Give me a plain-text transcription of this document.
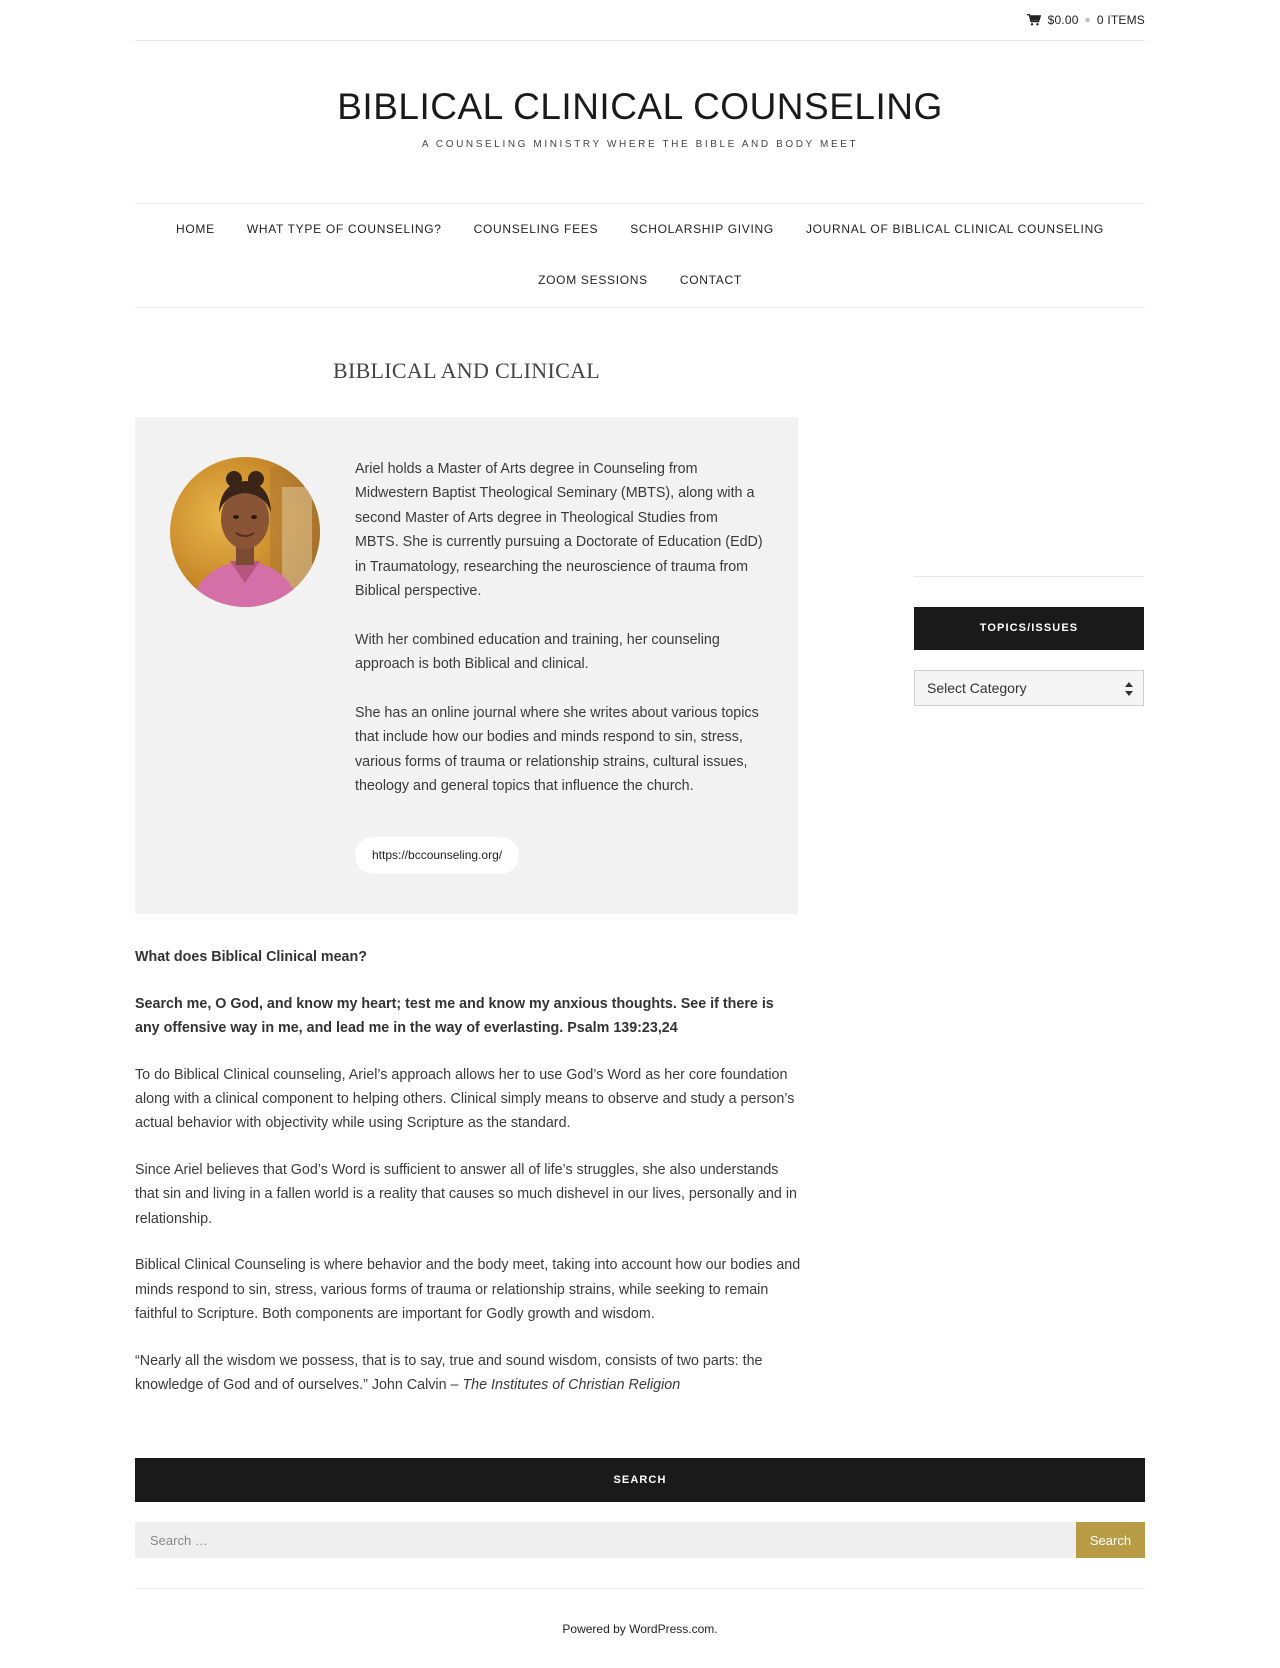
$0.00 ● 0 ITEMS
BIBLICAL CLINICAL COUNSELING
A COUNSELING MINISTRY WHERE THE BIBLE AND BODY MEET
HOME	WHAT TYPE OF COUNSELING?	COUNSELING FEES	SCHOLARSHIP GIVING	JOURNAL OF BIBLICAL CLINICAL COUNSELING
ZOOM SESSIONS	CONTACT
BIBLICAL AND CLINICAL

Ariel holds a Master of Arts degree in Counseling from Midwestern Baptist Theological Seminary (MBTS), along with a second Master of Arts degree in Theological Studies from MBTS. She is currently pursuing a Doctorate of Education (EdD) in Traumatology, researching the neuroscience of trauma from Biblical perspective.

With her combined education and training, her counseling approach is both Biblical and clinical.

She has an online journal where she writes about various topics that include how our bodies and minds respond to sin, stress, various forms of trauma or relationship strains, cultural issues, theology and general topics that influence the church.

https://bccounseling.org/

What does Biblical Clinical mean?

Search me, O God, and know my heart; test me and know my anxious thoughts. See if there is any offensive way in me, and lead me in the way of everlasting. Psalm 139:23,24

To do Biblical Clinical counseling, Ariel’s approach allows her to use God’s Word as her core foundation along with a clinical component to helping others. Clinical simply means to observe and study a person’s actual behavior with objectivity while using Scripture as the standard.

Since Ariel believes that God’s Word is sufficient to answer all of life’s struggles, she also understands that sin and living in a fallen world is a reality that causes so much dishevel in our lives, personally and in relationship.

Biblical Clinical Counseling is where behavior and the body meet, taking into account how our bodies and minds respond to sin, stress, various forms of trauma or relationship strains, while seeking to remain faithful to Scripture. Both components are important for Godly growth and wisdom.

“Nearly all the wisdom we possess, that is to say, true and sound wisdom, consists of two parts: the knowledge of God and of ourselves.” John Calvin – The Institutes of Christian Religion

TOPICS/ISSUES
Select Category
SEARCH
Search …
Search
Powered by WordPress.com.
